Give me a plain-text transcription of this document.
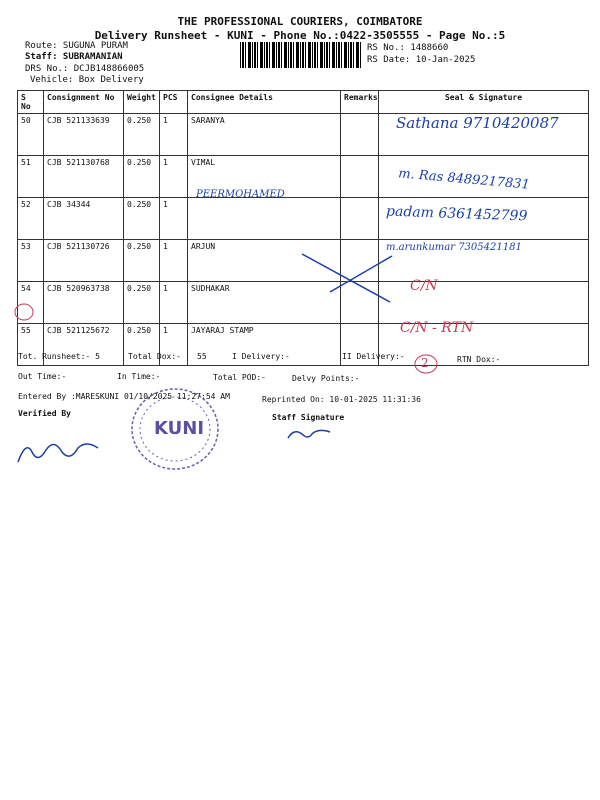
THE PROFESSIONAL COURIERS, COIMBATORE
Delivery Runsheet - KUNI - Phone No.:0422-3505555 - Page No.:5
Route: SUGUNA PURAM
Staff: SUBRAMANIAN
DRS No.: DCJB148866005
Vehicle: Box Delivery
RS No.: 1488660
RS Date: 10-Jan-2025
S No	Consignment No	Weight	PCS	Consignee Details	Remarks	Seal & Signature
50	CJB 521133639	0.250	1	SARANYA		
51	CJB 521130768	0.250	1	VIMAL		
52	CJB 34344	0.250	1			
53	CJB 521130726	0.250	1	ARJUN		
54	CJB 520963738	0.250	1	SUDHAKAR		
55	CJB 521125672	0.250	1	JAYARAJ STAMP		
Sathana 9710420087
m. Ras 8489217831
PEERMOHAMED
padam 6361452799
m.arunkumar 7305421181
C/N
C/N - RTN
KUNI
2
Tot. Runsheet:- 5	Total Dox:- 55	I Delivery:-	II Delivery:-	RTN Dox:-
Out Time:-	In Time:-	Total POD:-	Delvy Points:-
Entered By :MARESKUNI 01/10/2025 11:27:54 AM	Reprinted On: 10-01-2025 11:31:36
Verified By	Staff Signature
